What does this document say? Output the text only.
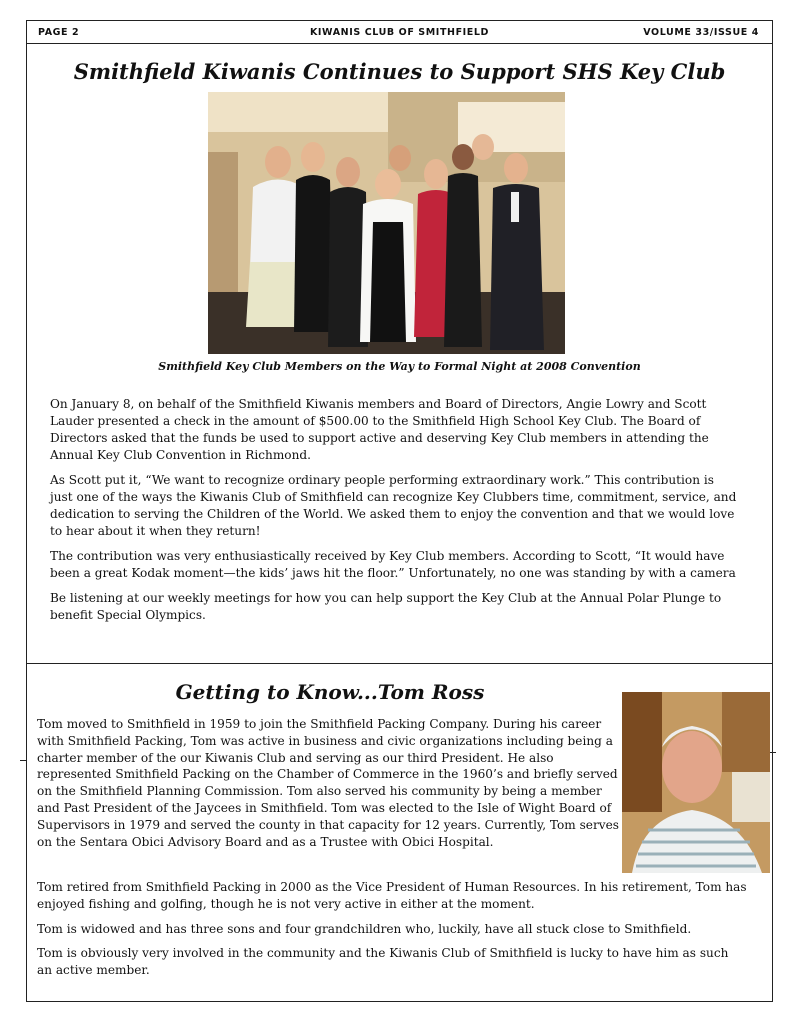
PAGE 2	KIWANIS CLUB OF SMITHFIELD	VOLUME 33/ISSUE 4
Smithfield Kiwanis Continues to Support SHS Key Club
Smithfield Key Club Members on the Way to Formal Night at 2008 Convention

On January 8, on behalf of the Smithfield Kiwanis members and Board of Directors, Angie Lowry and Scott Lauder presented a check in the amount of $500.00 to the Smithfield High School Key Club. The Board of Directors asked that the funds be used to support active and deserving Key Club members in attending the Annual Key Club Convention in Richmond.

As Scott put it, “We want to recognize ordinary people performing extraordinary work.” This contribution is just one of the ways the Kiwanis Club of Smithfield can recognize Key Clubbers time, commitment, service, and dedication to serving the Children of the World. We asked them to enjoy the convention and that we would love to hear about it when they return!

The contribution was very enthusiastically received by Key Club members. According to Scott, “It would have been a great Kodak moment—the kids’ jaws hit the floor.” Unfortunately, no one was standing by with a camera

Be listening at our weekly meetings for how you can help support the Key Club at the Annual Polar Plunge to benefit Special Olympics.

Getting to Know...Tom Ross

Tom moved to Smithfield in 1959 to join the Smithfield Packing Company. During his career with Smithfield Packing, Tom was active in business and civic organizations including being a charter member of the our Kiwanis Club and serving as our third President. He also represented Smithfield Packing on the Chamber of Commerce in the 1960’s and briefly served on the Smithfield Planning Commission. Tom also served his community by being a member and Past President of the Jaycees in Smithfield. Tom was elected to the Isle of Wight Board of Supervisors in 1979 and served the county in that capacity for 12 years. Currently, Tom serves on the Sentara Obici Advisory Board and as a Trustee with Obici Hospital.

Tom retired from Smithfield Packing in 2000 as the Vice President of Human Resources. In his retirement, Tom has enjoyed fishing and golfing, though he is not very active in either at the moment.

Tom is widowed and has three sons and four grandchildren who, luckily, have all stuck close to Smithfield.

Tom is obviously very involved in the community and the Kiwanis Club of Smithfield is lucky to have him as such an active member.
